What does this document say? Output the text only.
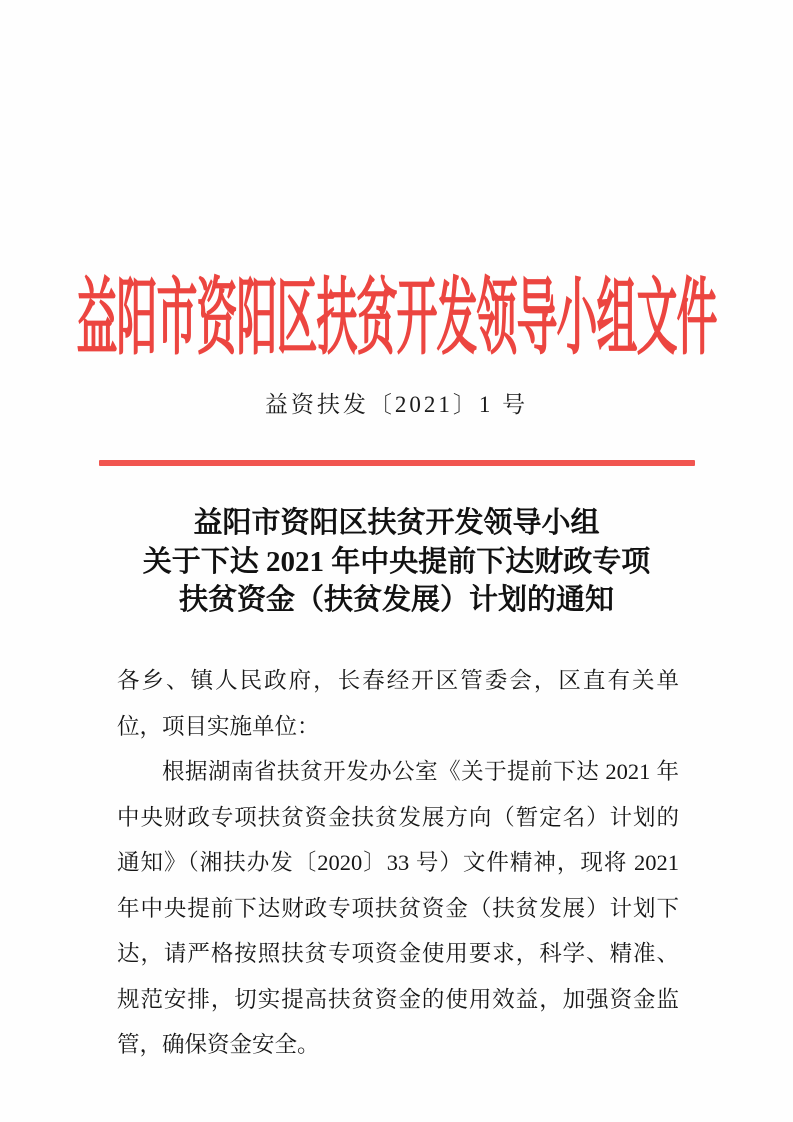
益阳市资阳区扶贫开发领导小组文件
益资扶发〔2021〕1 号
益阳市资阳区扶贫开发领导小组
关于下达 2021 年中央提前下达财政专项
扶贫资金（扶贫发展）计划的通知

各乡、镇人民政府，长春经开区管委会，区直有关单位，项目实施单位：

根据湖南省扶贫开发办公室《关于提前下达 2021 年中央财政专项扶贫资金扶贫发展方向（暂定名）计划的通知》（湘扶办发〔2020〕33 号）文件精神，现将 2021 年中央提前下达财政专项扶贫资金（扶贫发展）计划下达，请严格按照扶贫专项资金使用要求，科学、精准、规范安排，切实提高扶贫资金的使用效益，加强资金监管，确保资金安全。
